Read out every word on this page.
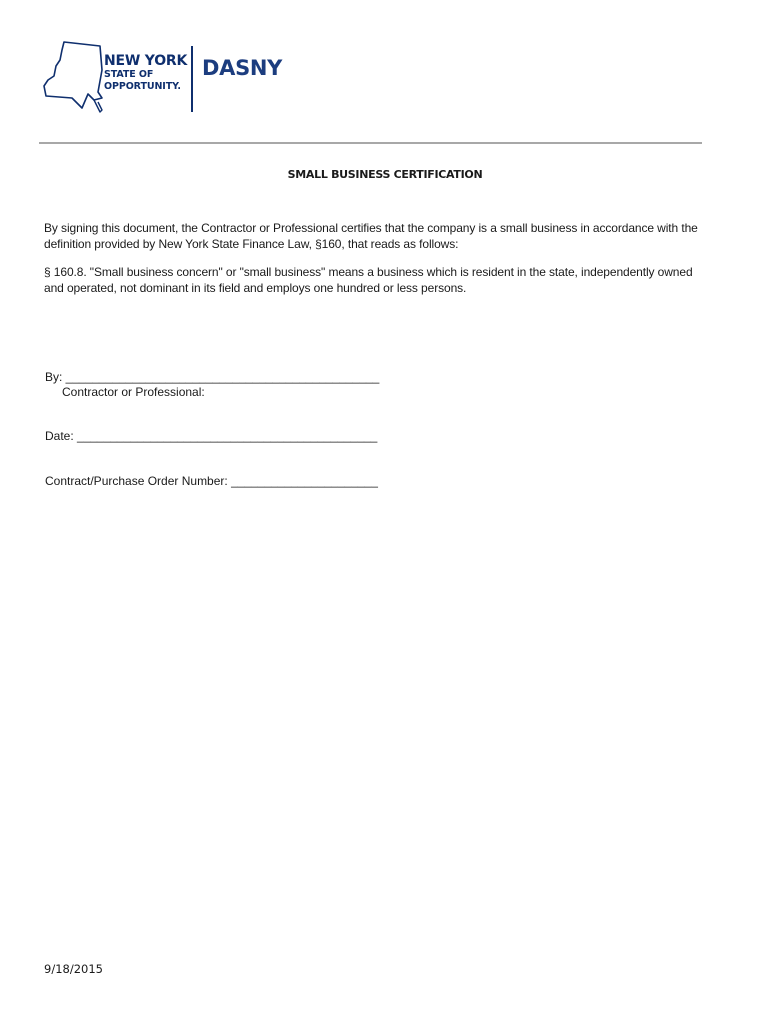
NEW YORK
STATE OF
OPPORTUNITY.
DASNY
SMALL BUSINESS CERTIFICATION
By signing this document, the Contractor or Professional certifies that the company is a small business in accordance with the definition provided by New York State Finance Law, §160, that reads as follows:
§ 160.8. "Small business concern" or "small business" means a business which is resident in the state, independently owned and operated, not dominant in its field and employs one hundred or less persons.
By: _______________________________________________
Contractor or Professional:
Date: _____________________________________________
Contract/Purchase Order Number: ______________________
9/18/2015
